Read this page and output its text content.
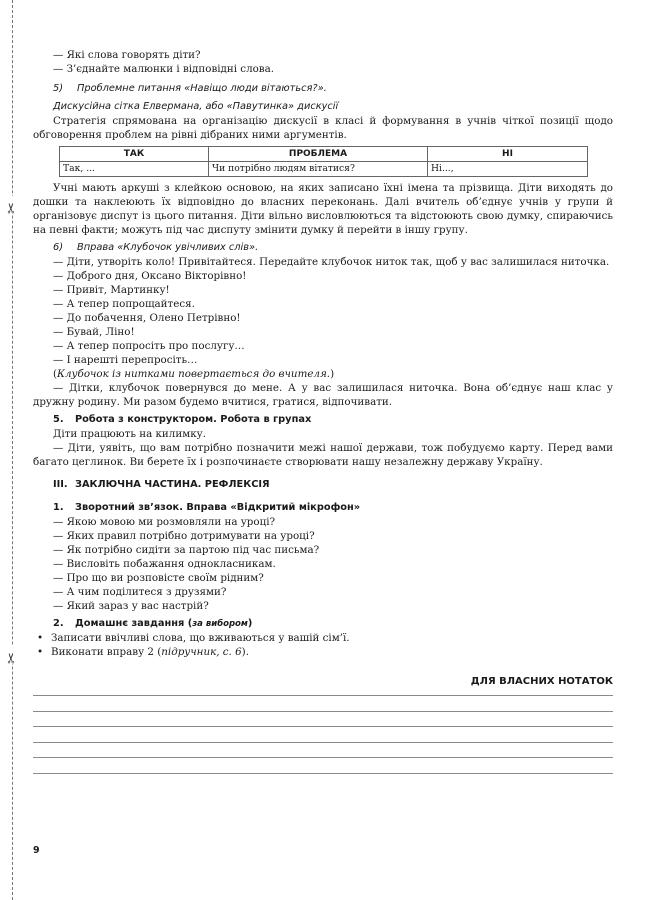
✂
✂

— Які слова говорять діти?

— З’єднайте малюнки і відповідні слова.

5) Проблемне питання «Навіщо люди вітаються?».

Дискусійна сітка Елвермана, або «Павутинка» дискусії

Стратегія спрямована на організацію дискусії в класі й формування в учнів чіткої позиції щодо обговорення проблем на рівні дібраних ними аргументів.

ТАК	ПРОБЛЕМА	НІ
Так, ...	Чи потрібно людям вітатися?	Ні...,

Учні мають аркуші з клейкою основою, на яких записано їхні імена та прізвища. Діти виходять до дошки та наклеюють їх відповідно до власних переконань. Далі вчитель об’єднує учнів у групи й організовує диспут із цього питання. Діти вільно висловлюються та відстоюють свою думку, спираючись на певні факти; можуть під час диспуту змінити думку й перейти в іншу групу.

6) Вправа «Клубочок увічливих слів».

— Діти, утворіть коло! Привітайтеся. Передайте клубочок ниток так, щоб у вас залишилася ниточка.

— Доброго дня, Оксано Вікторівно!

— Привіт, Мартинку!

— А тепер попрощайтеся.

— До побачення, Олено Петрівно!

— Бувай, Ліно!

— А тепер попросіть про послугу…

— І нарешті перепросіть…

(Клубочок із нитками повертається до вчителя.)

— Дітки, клубочок повернувся до мене. А у вас залишилася ниточка. Вона об’єднує наш клас у дружну родину. Ми разом будемо вчитися, гратися, відпочивати.

5. Робота з конструктором. Робота в групах

Діти працюють на килимку.

— Діти, уявіть, що вам потрібно позначити межі нашої держави, тож побудуємо карту. Перед вами багато цеглинок. Ви берете їх і розпочинаєте створювати нашу незалежну державу Україну.

III. ЗАКЛЮЧНА ЧАСТИНА. РЕФЛЕКСІЯ

1. Зворотний зв’язок. Вправа «Відкритий мікрофон»

— Якою мовою ми розмовляли на уроці?

— Яких правил потрібно дотримувати на уроці?

— Як потрібно сидіти за партою під час письма?

— Висловіть побажання однокласникам.

— Про що ви розповісте своїм рідним?

— А чим поділитеся з друзями?

— Який зараз у вас настрій?

2. Домашнє завдання (за вибором)

• Записати ввічливі слова, що вживаються у вашій сім’ї.

• Виконати вправу 2 (підручник, с. 6).

ДЛЯ ВЛАСНИХ НОТАТОК

9
